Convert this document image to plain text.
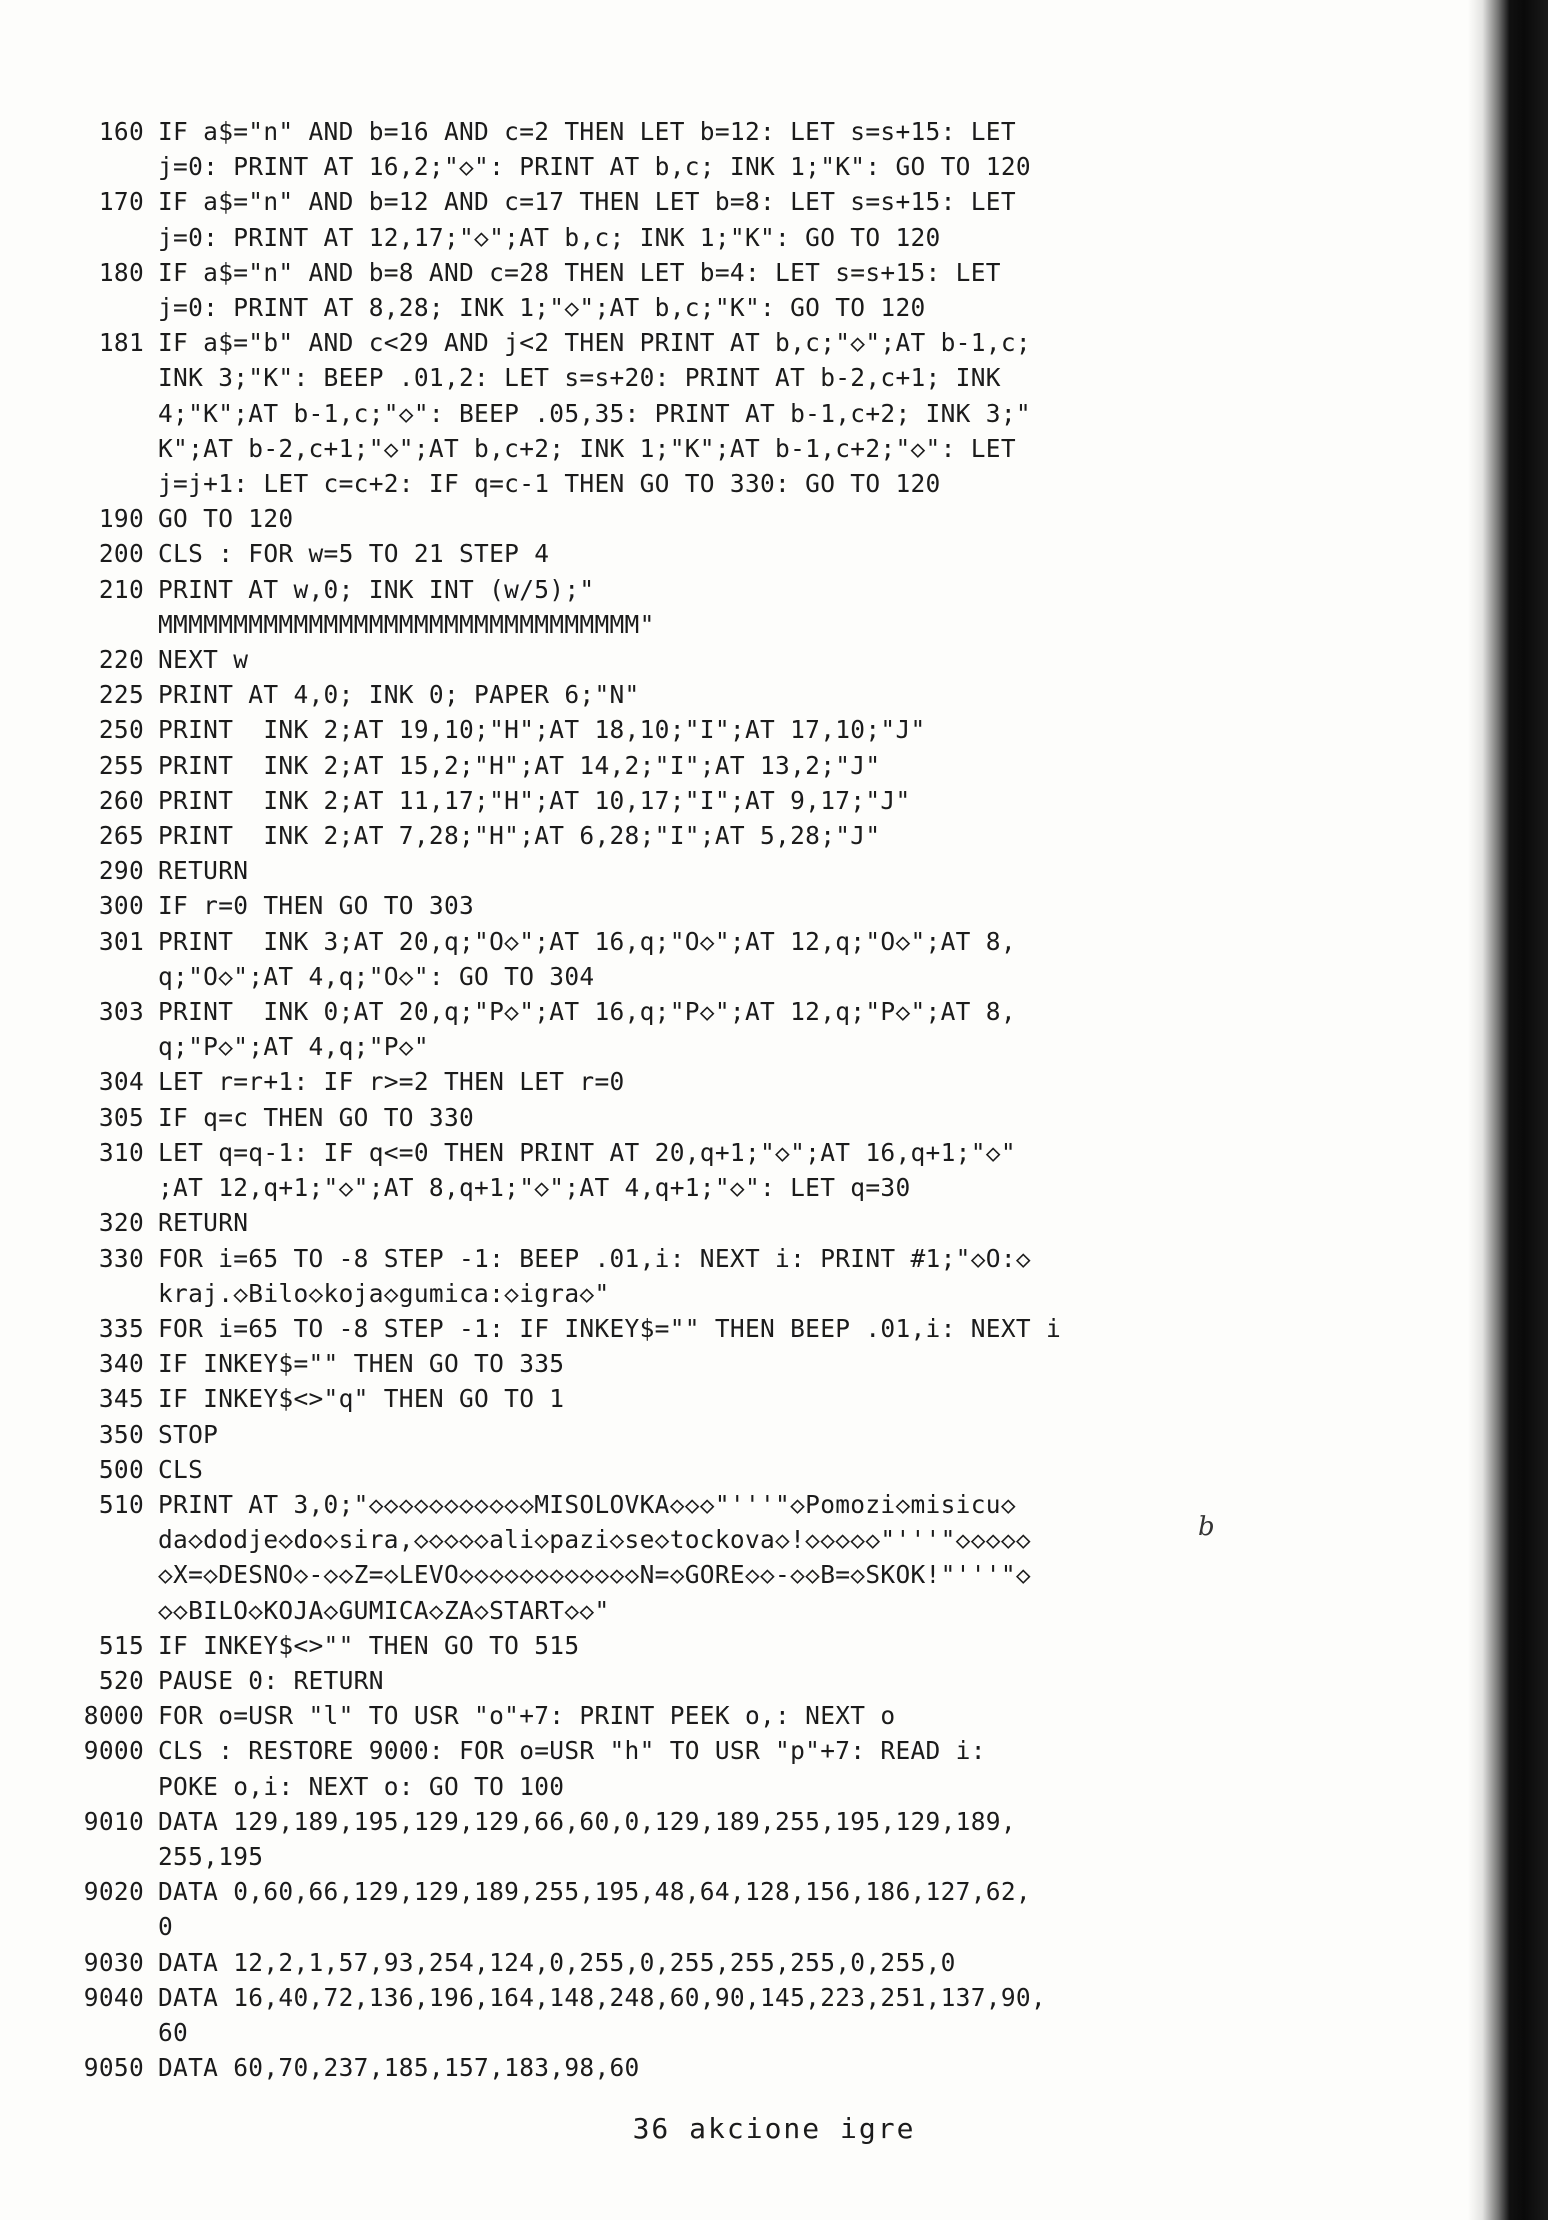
160 IF a$="n" AND b=16 AND c=2 THEN LET b=12: LET s=s+15: LET
j=0: PRINT AT 16,2;"◇": PRINT AT b,c; INK 1;"K": GO TO 120
170 IF a$="n" AND b=12 AND c=17 THEN LET b=8: LET s=s+15: LET
j=0: PRINT AT 12,17;"◇";AT b,c; INK 1;"K": GO TO 120
180 IF a$="n" AND b=8 AND c=28 THEN LET b=4: LET s=s+15: LET
j=0: PRINT AT 8,28; INK 1;"◇";AT b,c;"K": GO TO 120
181 IF a$="b" AND c<29 AND j<2 THEN PRINT AT b,c;"◇";AT b-1,c;
INK 3;"K": BEEP .01,2: LET s=s+20: PRINT AT b-2,c+1; INK
4;"K";AT b-1,c;"◇": BEEP .05,35: PRINT AT b-1,c+2; INK 3;"
K";AT b-2,c+1;"◇";AT b,c+2; INK 1;"K";AT b-1,c+2;"◇": LET
j=j+1: LET c=c+2: IF q=c-1 THEN GO TO 330: GO TO 120
190 GO TO 120
200 CLS : FOR w=5 TO 21 STEP 4
210 PRINT AT w,0; INK INT (w/5);"
MMMMMMMMMMMMMMMMMMMMMMMMMMMMMMMM"
220 NEXT w
225 PRINT AT 4,0; INK 0; PAPER 6;"N"
250 PRINT  INK 2;AT 19,10;"H";AT 18,10;"I";AT 17,10;"J"
255 PRINT  INK 2;AT 15,2;"H";AT 14,2;"I";AT 13,2;"J"
260 PRINT  INK 2;AT 11,17;"H";AT 10,17;"I";AT 9,17;"J"
265 PRINT  INK 2;AT 7,28;"H";AT 6,28;"I";AT 5,28;"J"
290 RETURN
300 IF r=0 THEN GO TO 303
301 PRINT  INK 3;AT 20,q;"O◇";AT 16,q;"O◇";AT 12,q;"O◇";AT 8,
q;"O◇";AT 4,q;"O◇": GO TO 304
303 PRINT  INK 0;AT 20,q;"P◇";AT 16,q;"P◇";AT 12,q;"P◇";AT 8,
q;"P◇";AT 4,q;"P◇"
304 LET r=r+1: IF r>=2 THEN LET r=0
305 IF q=c THEN GO TO 330
310 LET q=q-1: IF q<=0 THEN PRINT AT 20,q+1;"◇";AT 16,q+1;"◇"
;AT 12,q+1;"◇";AT 8,q+1;"◇";AT 4,q+1;"◇": LET q=30
320 RETURN
330 FOR i=65 TO -8 STEP -1: BEEP .01,i: NEXT i: PRINT #1;"◇O:◇
kraj.◇Bilo◇koja◇gumica:◇igra◇"
335 FOR i=65 TO -8 STEP -1: IF INKEY$="" THEN BEEP .01,i: NEXT i
340 IF INKEY$="" THEN GO TO 335
345 IF INKEY$<>"q" THEN GO TO 1
350 STOP
500 CLS
510 PRINT AT 3,0;"◇◇◇◇◇◇◇◇◇◇◇MISOLOVKA◇◇◇"'''"◇Pomozi◇misicu◇
da◇dodje◇do◇sira,◇◇◇◇◇ali◇pazi◇se◇tockova◇!◇◇◇◇◇"'''"◇◇◇◇◇
◇X=◇DESNO◇-◇◇Z=◇LEVO◇◇◇◇◇◇◇◇◇◇◇◇N=◇GORE◇◇-◇◇B=◇SKOK!"'''"◇
◇◇BILO◇KOJA◇GUMICA◇ZA◇START◇◇"
515 IF INKEY$<>"" THEN GO TO 515
520 PAUSE 0: RETURN
8000 FOR o=USR "l" TO USR "o"+7: PRINT PEEK o,: NEXT o
9000 CLS : RESTORE 9000: FOR o=USR "h" TO USR "p"+7: READ i:
POKE o,i: NEXT o: GO TO 100
9010 DATA 129,189,195,129,129,66,60,0,129,189,255,195,129,189,
255,195
9020 DATA 0,60,66,129,129,189,255,195,48,64,128,156,186,127,62,
0
9030 DATA 12,2,1,57,93,254,124,0,255,0,255,255,255,0,255,0
9040 DATA 16,40,72,136,196,164,148,248,60,90,145,223,251,137,90,
60
9050 DATA 60,70,237,185,157,183,98,60
b
36 akcione igre
